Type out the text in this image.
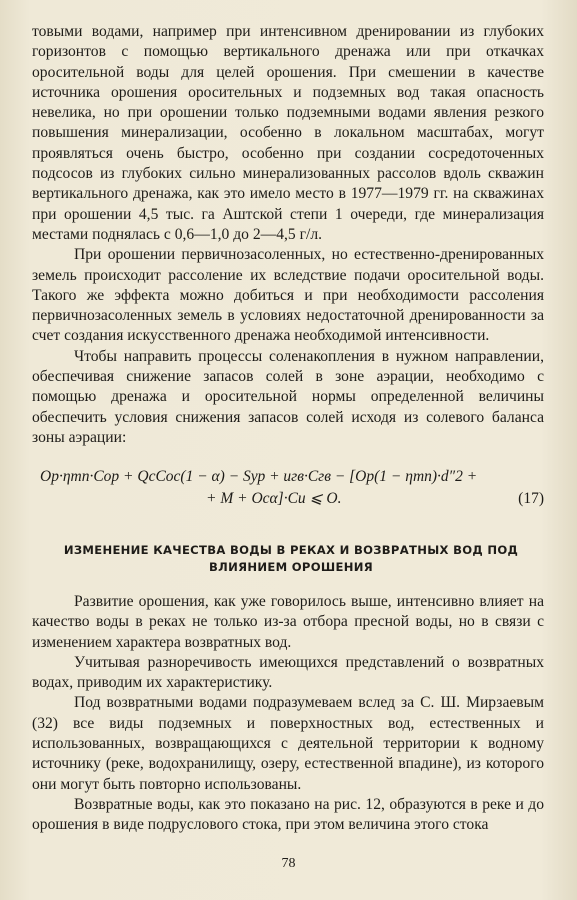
товыми водами, например при интенсивном дренировании из глубоких горизонтов с помощью вертикального дренажа или при откачках оросительной воды для целей орошения. При смешении в качестве источника орошения оросительных и подземных вод такая опасность невелика, но при орошении только подземными водами явления резкого повышения минерализации, особенно в локальном масштабах, могут проявляться очень быстро, особенно при создании сосредоточенных подсосов из глубоких сильно минерализованных рассолов вдоль скважин вертикального дренажа, как это имело место в 1977—1979 гг. на скважинах при орошении 4,5 тыс. га Аштской степи 1 очереди, где минерализация местами поднялась с 0,6—1,0 до 2—4,5 г/л.

При орошении первичнозасоленных, но естественно-дренированных земель происходит рассоление их вследствие подачи оросительной воды. Такого же эффекта можно добиться и при необходимости рассоления первичнозасоленных земель в условиях недостаточной дренированности за счет создания искусственного дренажа необходимой интенсивности.

Чтобы направить процессы соленакопления в нужном направлении, обеспечивая снижение запасов солей в зоне аэрации, необходимо с помощью дренажа и оросительной нормы определенной величины обеспечить условия снижения запасов солей исходя из солевого баланса зоны аэрации:

Oр·ηmn·Cор + QсCос(1 − α) − Sур + uгв·Cгв − [Oр(1 − ηmn)·d″2 +
+ M + Oсα]·Cu ⩽ O.	(17)
ИЗМЕНЕНИЕ КАЧЕСТВА ВОДЫ В РЕКАХ И ВОЗВРАТНЫХ ВОД ПОД ВЛИЯНИЕМ ОРОШЕНИЯ

Развитие орошения, как уже говорилось выше, интенсивно влияет на качество воды в реках не только из-за отбора пресной воды, но в связи с изменением характера возвратных вод.

Учитывая разноречивость имеющихся представлений о возвратных водах, приводим их характеристику.

Под возвратными водами подразумеваем вслед за С. Ш. Мирзаевым (32) все виды подземных и поверхностных вод, естественных и использованных, возвращающихся с деятельной территории к водному источнику (реке, водохранилищу, озеру, естественной впадине), из которого они могут быть повторно использованы.

Возвратные воды, как это показано на рис. 12, образуются в реке и до орошения в виде подруслового стока, при этом величина этого стока

78
